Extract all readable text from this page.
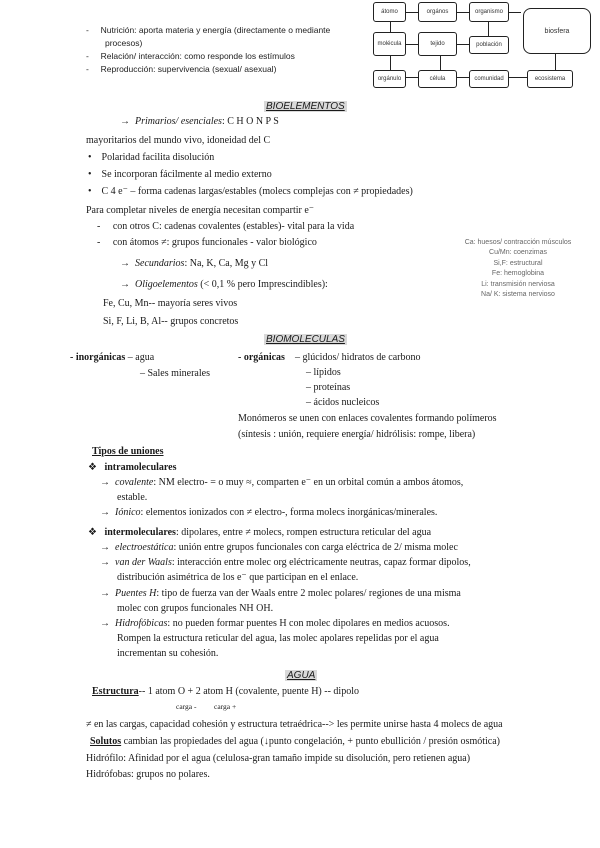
-     Nutrición: aporta materia y energía (directamente o mediante
procesos)
-     Relación/ interacción: como responde los estímulos
-     Reproducción: supervivencia (sexual/ asexual)
átomo	orgános	organismo
biosfera
molécula	tejido	población
orgánulo	célula	comunidad	ecosistema
BIOELEMENTOS
→  Primarios/ esenciales: C H O N P S
mayoritarios del mundo vivo, idoneidad del C
•    Polaridad facilita disolución
•    Se incorporan fácilmente al medio externo
•    C 4 e⁻ – forma cadenas largas/estables (molecs complejas con ≠ propiedades)
Para completar niveles de energía necesitan compartir e⁻
-     con otros C: cadenas covalentes (estables)- vital para la vida
-     con átomos ≠: grupos funcionales - valor biológico
→  Secundarios: Na, K, Ca, Mg y Cl
→  Oligoelementos (< 0,1 % pero Imprescindibles):
Fe, Cu, Mn-- mayoría seres vivos
Si, F, Li, B, Al-- grupos concretos
Ca: huesos/ contracción músculos
Cu/Mn: coenzimas
Si,F: estructural
Fe: hemoglobina
Li: transmisión nerviosa
Na/ K: sistema nervioso
BIOMOLECULAS
- inorgánicas – agua
– Sales minerales
- orgánicas – glúcidos/ hidratos de carbono
– lípidos
– proteínas
– ácidos nucleicos
Monómeros se unen con enlaces covalentes formando polímeros
(síntesis : unión, requiere energía/ hidrólisis: rompe, libera)
Tipos de uniones
❖   intramoleculares
→  covalente: NM electro- = o muy ≈, comparten e⁻ en un orbital común a ambos átomos,
estable.
→  Iónico: elementos ionizados con ≠ electro-, forma molecs inorgánicas/minerales.
❖   intermoleculares: dipolares, entre ≠ molecs, rompen estructura reticular del agua
→  electroestática: unión entre grupos funcionales con carga eléctrica de 2/ misma molec
→  van der Waals: interacción entre molec org eléctricamente neutras, capaz formar dipolos,
distribución asimétrica de los e⁻ que participan en el enlace.
→  Puentes H: tipo de fuerza van der Waals entre 2 molec polares/ regiones de una misma
molec con grupos funcionales NH OH.
→  Hidrofóbicas: no pueden formar puentes H con molec dipolares en medios acuosos.
Rompen la estructura reticular del agua, las molec apolares repelidas por el agua
incrementan su cohesión.
AGUA
Estructura-- 1 atom O + 2 atom H (covalente, puente H) -- dipolo
carga - carga +
≠ en las cargas, capacidad cohesión y estructura tetraédrica--> les permite unirse hasta 4 molecs de agua
Solutos cambian las propiedades del agua (↓punto congelación, + punto ebullición / presión osmótica)
Hidrófilo: Afinidad por el agua (celulosa-gran tamaño impide su disolución, pero retienen agua)
Hidrófobas: grupos no polares.
